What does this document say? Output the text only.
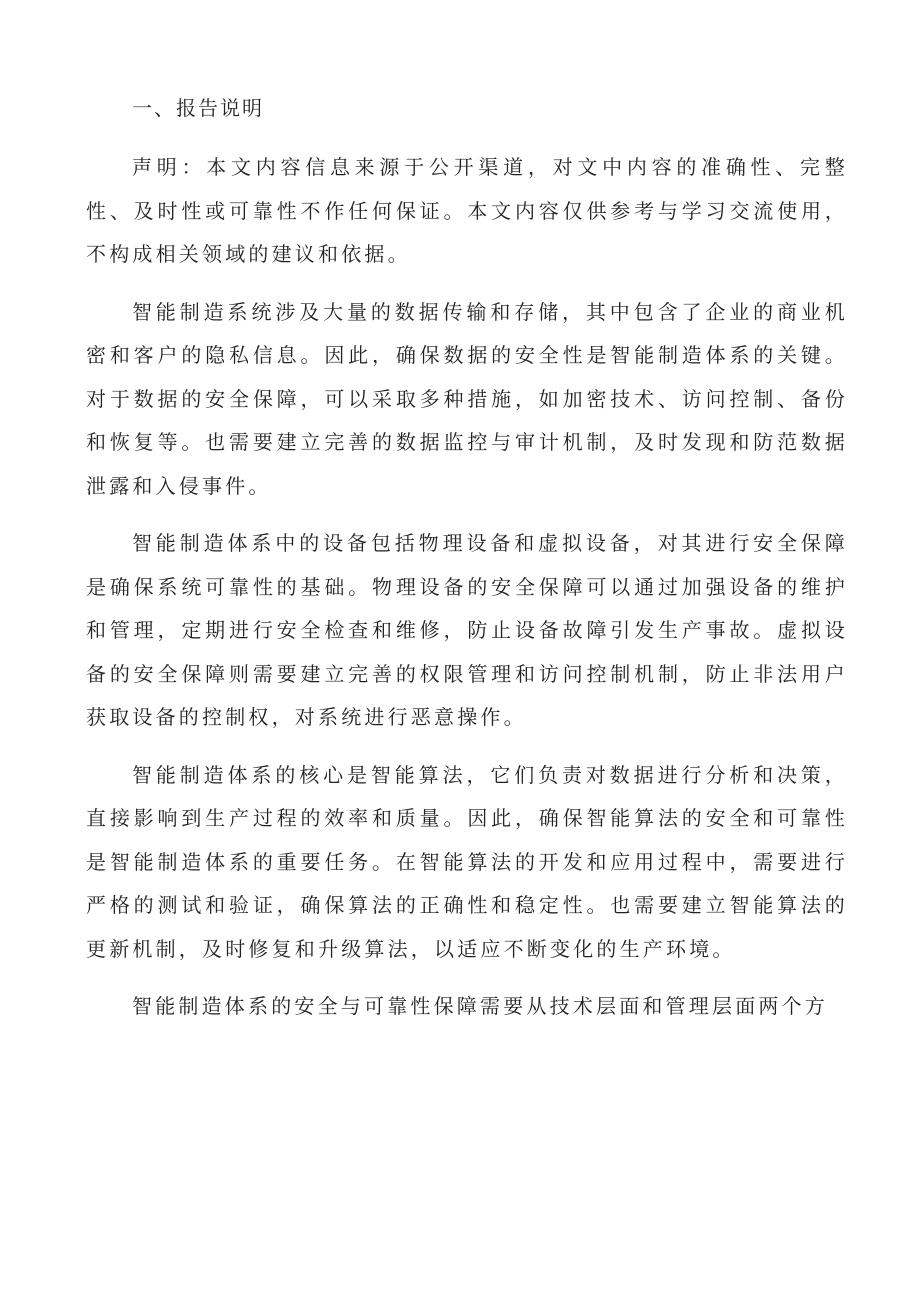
一、报告说明

声明：本文内容信息来源于公开渠道，对文中内容的准确性、完整性、及时性或可靠性不作任何保证。本文内容仅供参考与学习交流使用，不构成相关领域的建议和依据。

智能制造系统涉及大量的数据传输和存储，其中包含了企业的商业机密和客户的隐私信息。因此，确保数据的安全性是智能制造体系的关键。对于数据的安全保障，可以采取多种措施，如加密技术、访问控制、备份和恢复等。也需要建立完善的数据监控与审计机制，及时发现和防范数据泄露和入侵事件。

智能制造体系中的设备包括物理设备和虚拟设备，对其进行安全保障是确保系统可靠性的基础。物理设备的安全保障可以通过加强设备的维护和管理，定期进行安全检查和维修，防止设备故障引发生产事故。虚拟设备的安全保障则需要建立完善的权限管理和访问控制机制，防止非法用户获取设备的控制权，对系统进行恶意操作。

智能制造体系的核心是智能算法，它们负责对数据进行分析和决策，直接影响到生产过程的效率和质量。因此，确保智能算法的安全和可靠性是智能制造体系的重要任务。在智能算法的开发和应用过程中，需要进行严格的测试和验证，确保算法的正确性和稳定性。也需要建立智能算法的更新机制，及时修复和升级算法，以适应不断变化的生产环境。

智能制造体系的安全与可靠性保障需要从技术层面和管理层面两个方
